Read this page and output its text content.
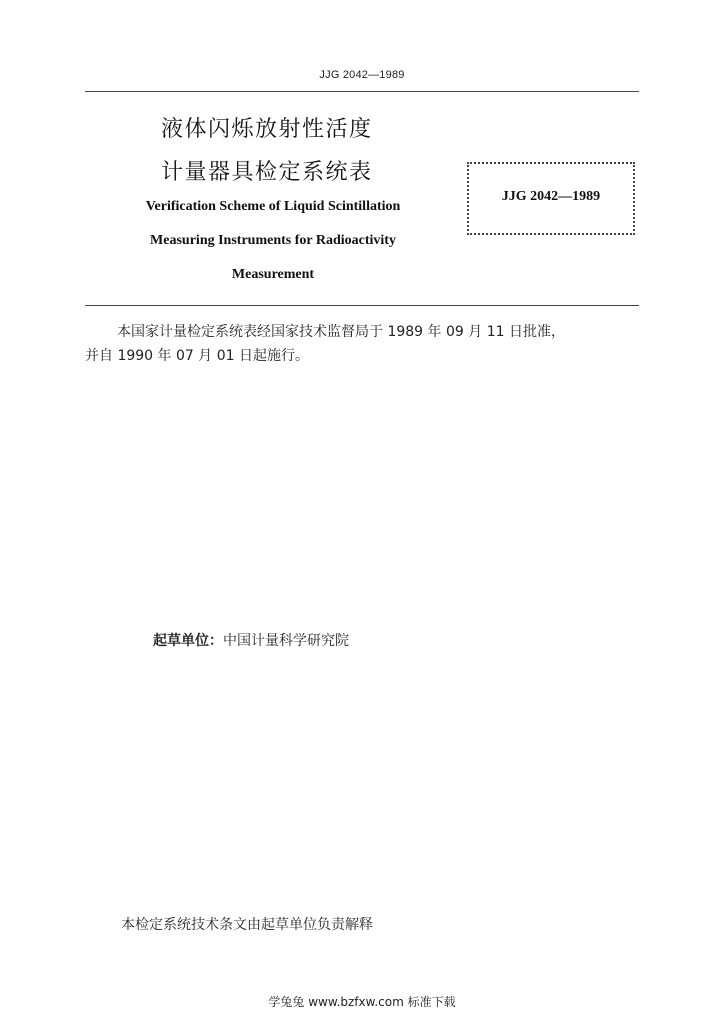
JJG 2042—1989
液体闪烁放射性活度
计量器具检定系统表
Verification Scheme of Liquid Scintillation
Measuring Instruments for Radioactivity
Measurement
JJG 2042—1989

本国家计量检定系统表经国家技术监督局于 1989 年 09 月 11 日批准，

并自 1990 年 07 月 01 日起施行。

起草单位：中国计量科学研究院
本检定系统技术条文由起草单位负责解释
学兔兔 www.bzfxw.com 标准下载
